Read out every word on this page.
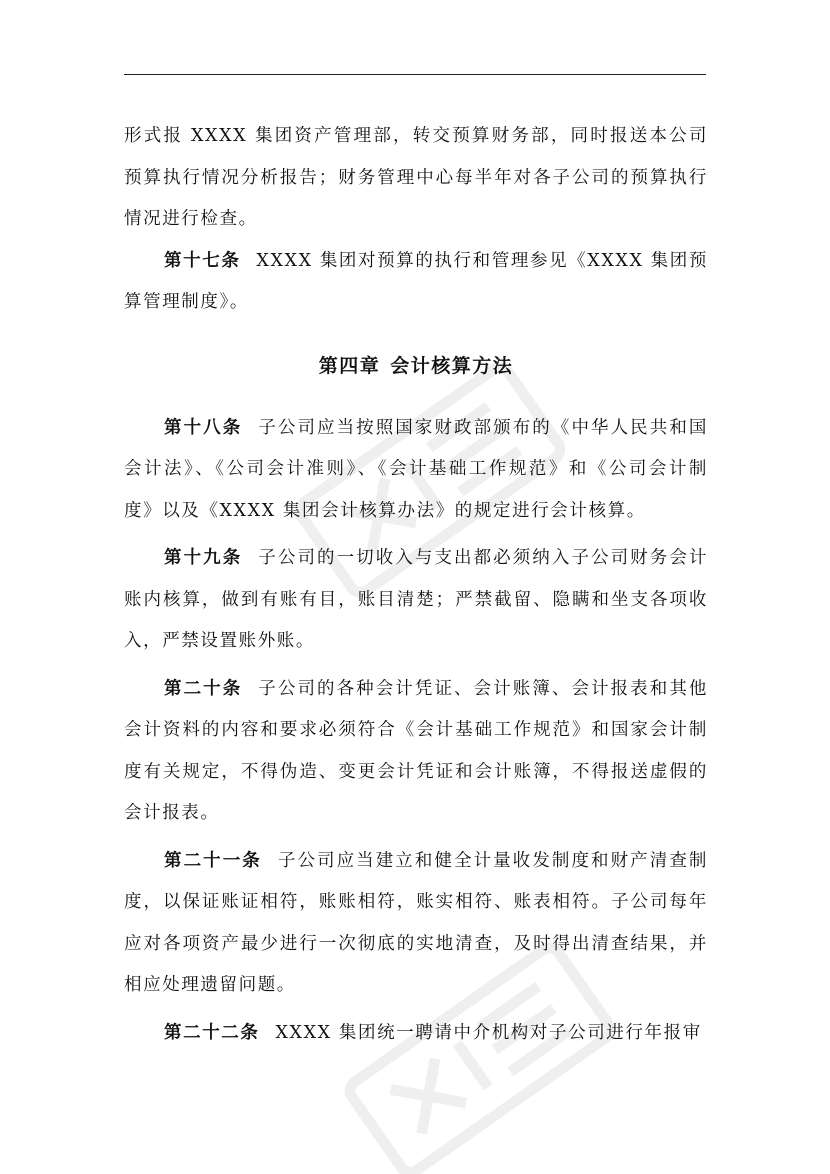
形式报 XXXX 集团资产管理部，转交预算财务部，同时报送本公司预算执行情况分析报告；财务管理中心每半年对各子公司的预算执行情况进行检查。

第十七条 XXXX 集团对预算的执行和管理参见《XXXX 集团预算管理制度》。

第四章 会计核算方法

第十八条 子公司应当按照国家财政部颁布的《中华人民共和国会计法》、《公司会计准则》、《会计基础工作规范》和《公司会计制度》以及《XXXX 集团会计核算办法》的规定进行会计核算。

第十九条 子公司的一切收入与支出都必须纳入子公司财务会计账内核算，做到有账有目，账目清楚；严禁截留、隐瞒和坐支各项收入，严禁设置账外账。

第二十条 子公司的各种会计凭证、会计账簿、会计报表和其他会计资料的内容和要求必须符合《会计基础工作规范》和国家会计制度有关规定，不得伪造、变更会计凭证和会计账簿，不得报送虚假的会计报表。

第二十一条 子公司应当建立和健全计量收发制度和财产清查制度，以保证账证相符，账账相符，账实相符、账表相符。子公司每年应对各项资产最少进行一次彻底的实地清查，及时得出清查结果，并相应处理遗留问题。

第二十二条 XXXX 集团统一聘请中介机构对子公司进行年报审
